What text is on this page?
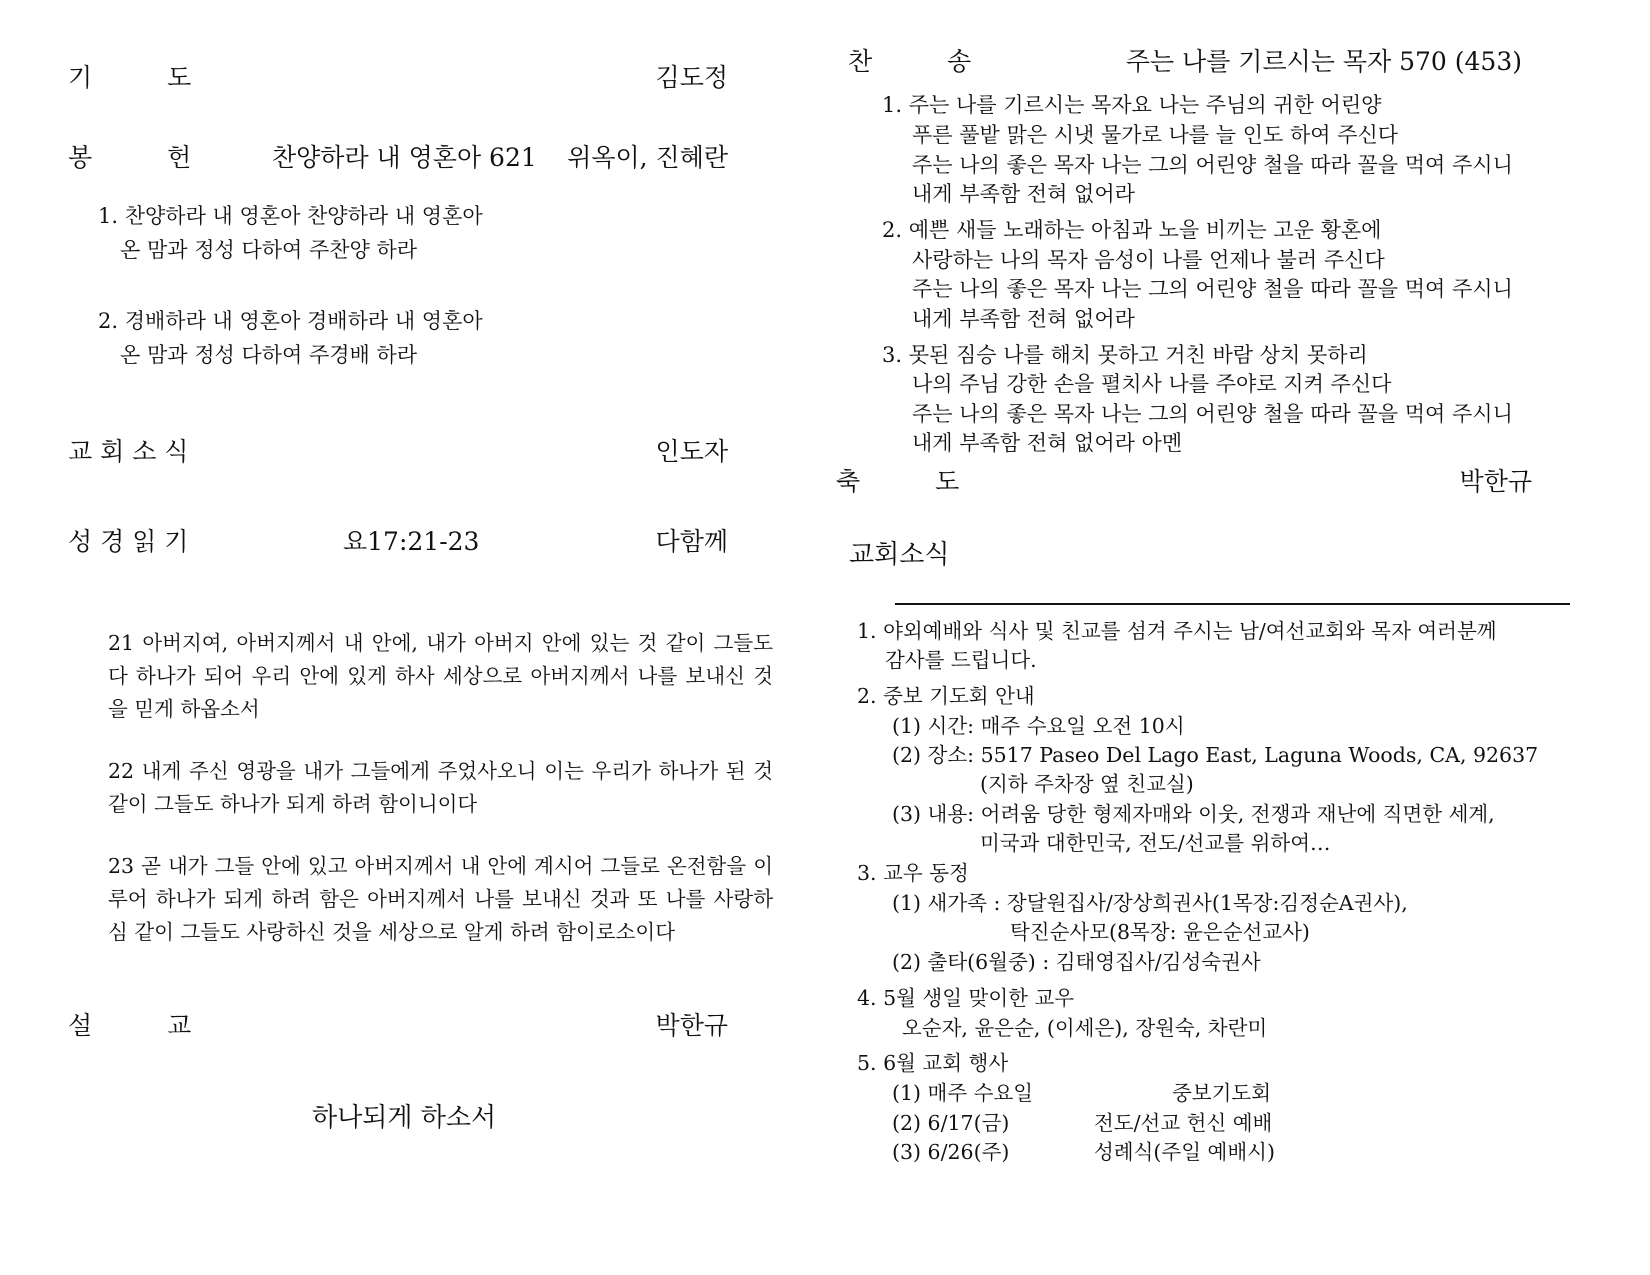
기　　　도	김도정
봉　　　헌	찬양하라 내 영혼아 621 위옥이, 진혜란
1. 찬양하라 내 영혼아 찬양하라 내 영혼아
온 맘과 정성 다하여 주찬양 하라
2. 경배하라 내 영혼아 경배하라 내 영혼아
온 맘과 정성 다하여 주경배 하라
교 회 소 식	인도자
성 경 읽 기	요17:21-23	다함께
21 아버지여, 아버지께서 내 안에, 내가 아버지 안에 있는 것 같이 그들도 다 하나가 되어 우리 안에 있게 하사 세상으로 아버지께서 나를 보내신 것을 믿게 하옵소서
22 내게 주신 영광을 내가 그들에게 주었사오니 이는 우리가 하나가 된 것 같이 그들도 하나가 되게 하려 함이니이다
23 곧 내가 그들 안에 있고 아버지께서 내 안에 계시어 그들로 온전함을 이루어 하나가 되게 하려 함은 아버지께서 나를 보내신 것과 또 나를 사랑하심 같이 그들도 사랑하신 것을 세상으로 알게 하려 함이로소이다
설　　　교	박한규
하나되게 하소서
찬　　　송	주는 나를 기르시는 목자 570 (453)
1. 주는 나를 기르시는 목자요 나는 주님의 귀한 어린양
푸른 풀밭 맑은 시냇 물가로 나를 늘 인도 하여 주신다
주는 나의 좋은 목자 나는 그의 어린양 철을 따라 꼴을 먹여 주시니
내게 부족함 전혀 없어라
2. 예쁜 새들 노래하는 아침과 노을 비끼는 고운 황혼에
사랑하는 나의 목자 음성이 나를 언제나 불러 주신다
주는 나의 좋은 목자 나는 그의 어린양 철을 따라 꼴을 먹여 주시니
내게 부족함 전혀 없어라
3. 못된 짐승 나를 해치 못하고 거친 바람 상치 못하리
나의 주님 강한 손을 펼치사 나를 주야로 지켜 주신다
주는 나의 좋은 목자 나는 그의 어린양 철을 따라 꼴을 먹여 주시니
내게 부족함 전혀 없어라 아멘
축　　　도	박한규
교회소식
1. 야외예배와 식사 및 친교를 섬겨 주시는 남/여선교회와 목자 여러분께
감사를 드립니다.
2. 중보 기도회 안내
(1) 시간: 매주 수요일 오전 10시
(2) 장소: 5517 Paseo Del Lago East, Laguna Woods, CA, 92637
(지하 주차장 옆 친교실)
(3) 내용: 어려움 당한 형제자매와 이웃, 전쟁과 재난에 직면한 세계,
미국과 대한민국, 전도/선교를 위하여…
3. 교우 동정
(1) 새가족 : 장달원집사/장상희권사(1목장:김정순A권사),
탁진순사모(8목장: 윤은순선교사)
(2) 출타(6월중) : 김태영집사/김성숙권사
4. 5월 생일 맞이한 교우
오순자, 윤은순, (이세은), 장원숙, 차란미
5. 6월 교회 행사
(1) 매주 수요일	중보기도회
(2) 6/17(금)	전도/선교 헌신 예배
(3) 6/26(주)	성례식(주일 예배시)
